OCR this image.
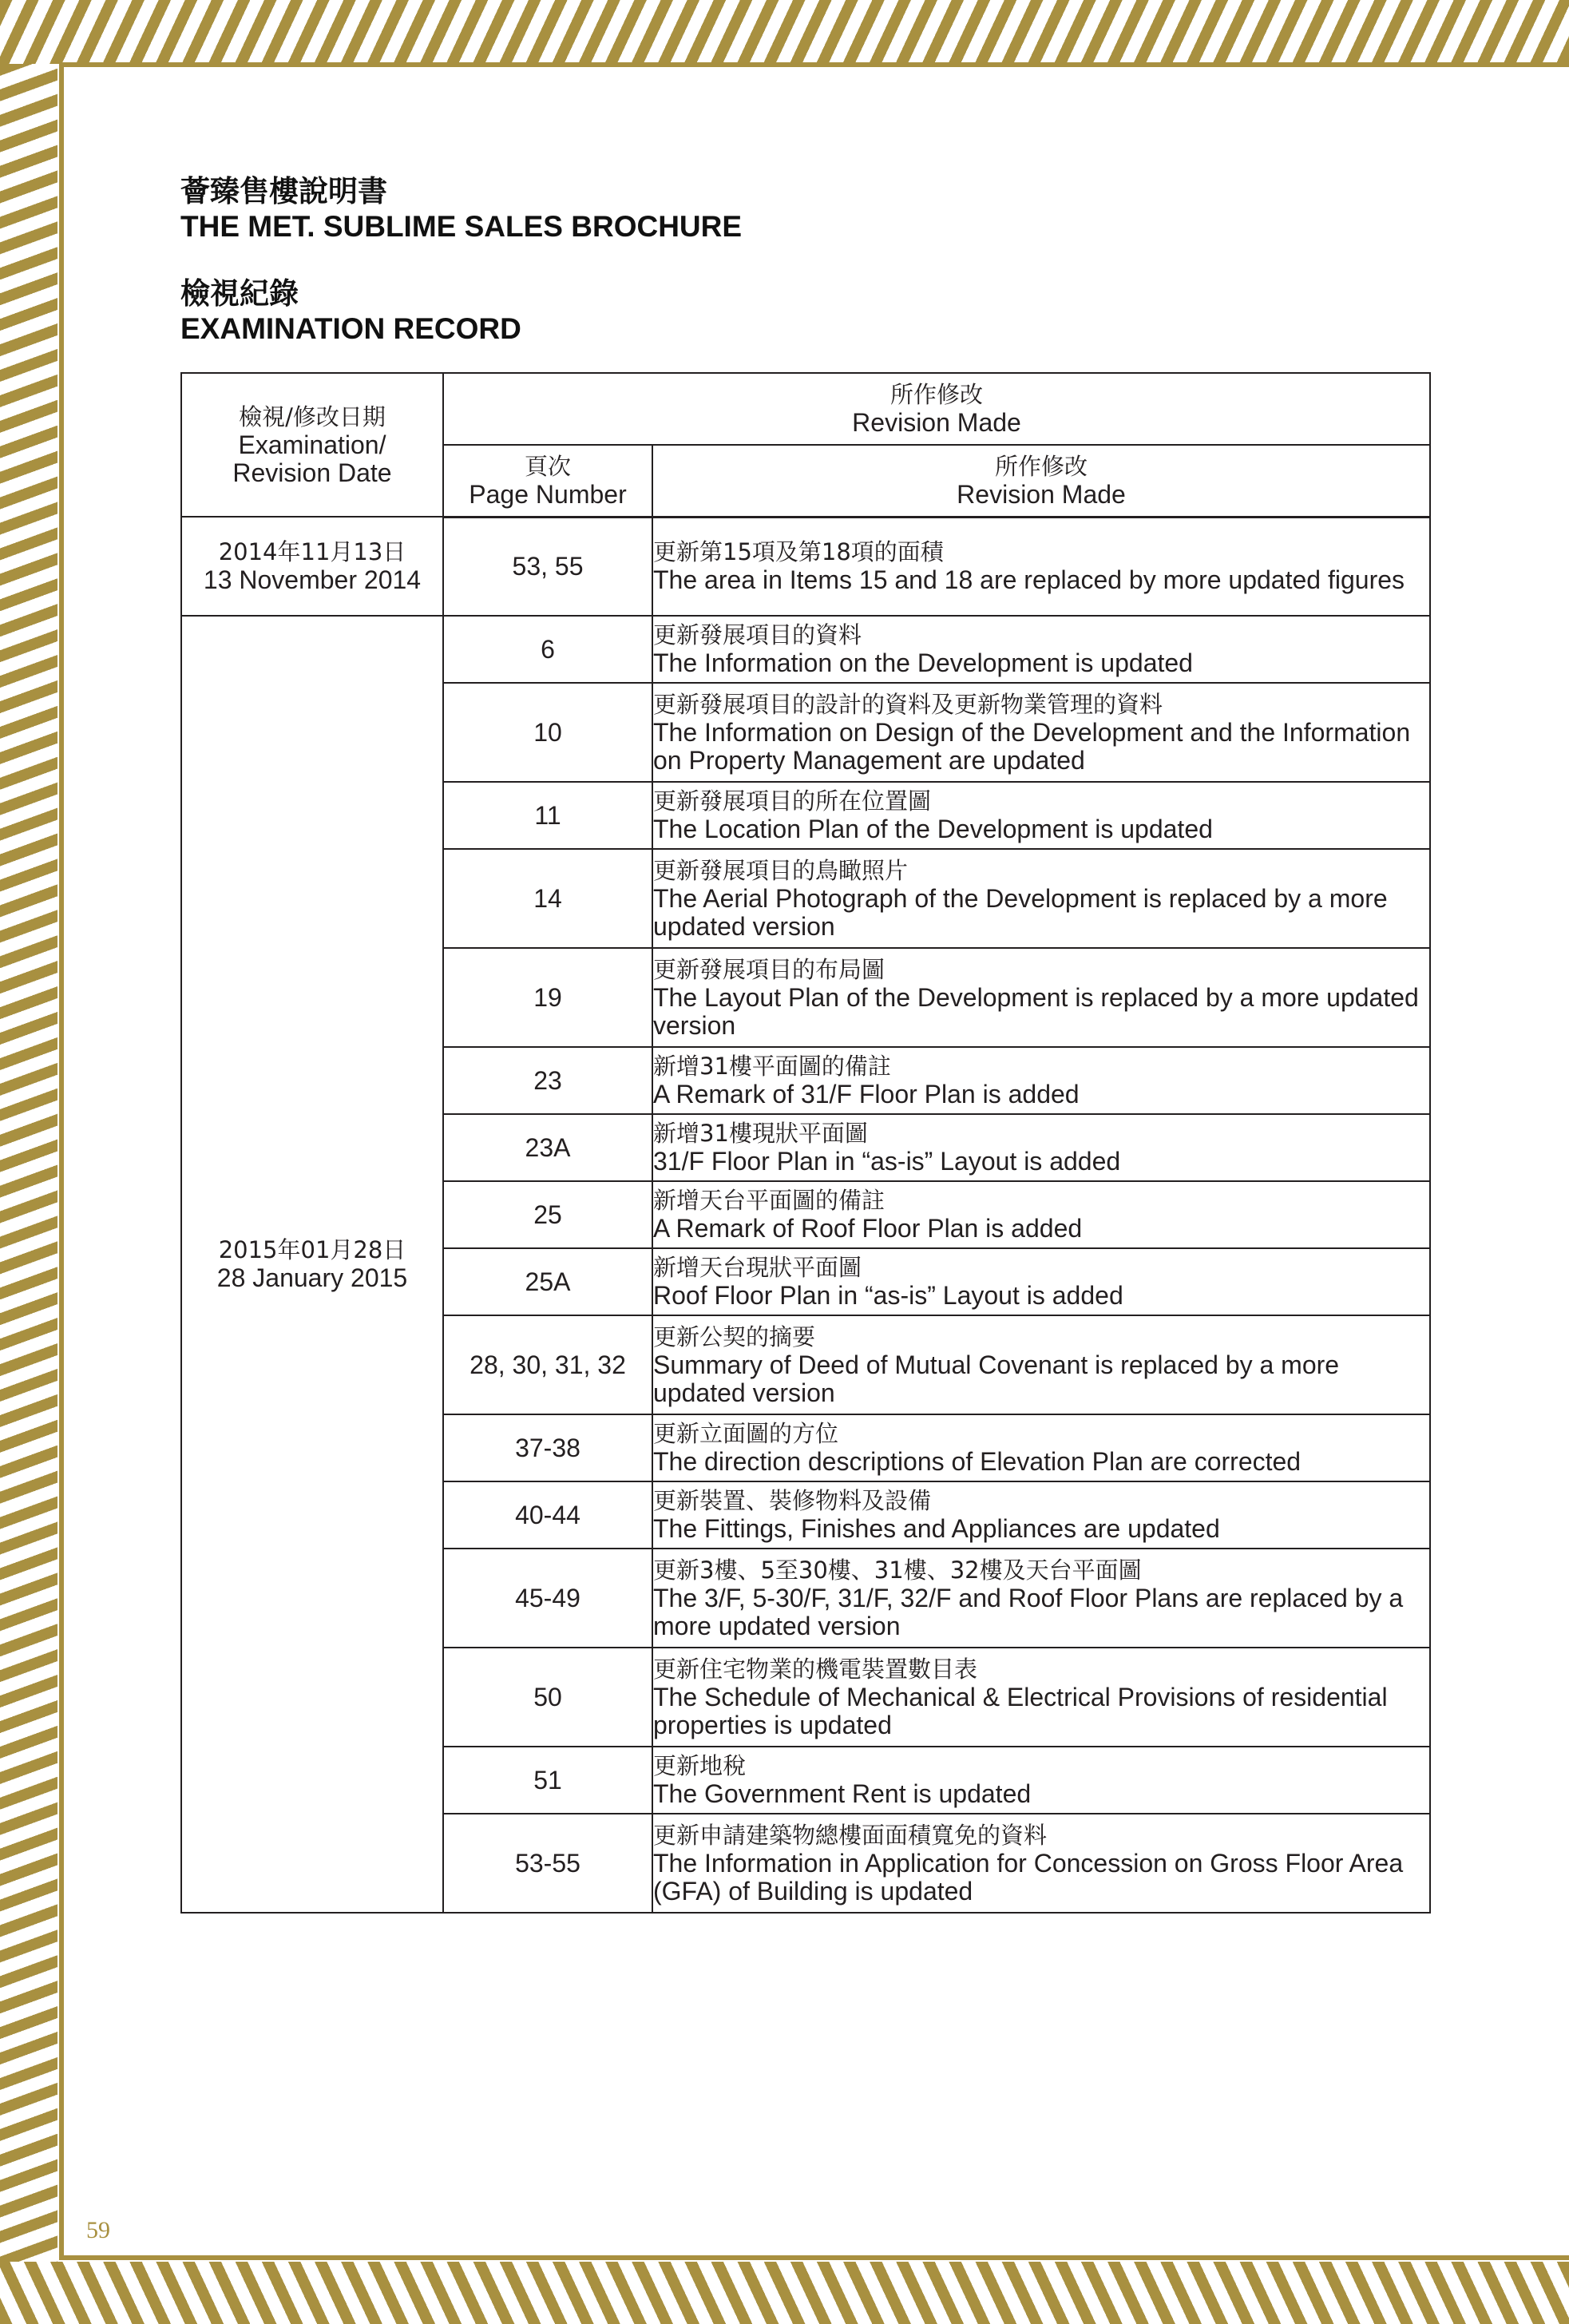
薈臻售樓說明書
THE MET. SUBLIME SALES BROCHURE
檢視紀錄
EXAMINATION RECORD
檢視/修改日期
Examination/
Revision Date	所作修改
Revision Made	

	頁次
Page Number	所作修改
Revision Made

2014年11月13日
13 November 2014	53, 55	更新第15項及第18項的面積
The area in Items 15 and 18 are replaced by more updated figures

2015年01月28日
28 January 2015	6	更新發展項目的資料
The Information on the Development is updated

	10	更新發展項目的設計的資料及更新物業管理的資料
The Information on Design of the Development and the Information on Property Management are updated

	11	更新發展項目的所在位置圖
The Location Plan of the Development is updated

	14	更新發展項目的鳥瞰照片
The Aerial Photograph of the Development is replaced by a more updated version

	19	更新發展項目的布局圖
The Layout Plan of the Development is replaced by a more updated version

	23	新增31樓平面圖的備註
A Remark of 31/F Floor Plan is added

	23A	新增31樓現狀平面圖
31/F Floor Plan in “as-is” Layout is added

	25	新增天台平面圖的備註
A Remark of Roof Floor Plan is added

	25A	新增天台現狀平面圖
Roof Floor Plan in “as-is” Layout is added

	28, 30, 31, 32	更新公契的摘要
Summary of Deed of Mutual Covenant is replaced by a more updated version

	37-38	更新立面圖的方位
The direction descriptions of Elevation Plan are corrected

	40-44	更新裝置、裝修物料及設備
The Fittings, Finishes and Appliances are updated

	45-49	更新3樓、5至30樓、31樓、32樓及天台平面圖
The 3/F, 5-30/F, 31/F, 32/F and Roof Floor Plans are replaced by a more updated version

	50	更新住宅物業的機電裝置數目表
The Schedule of Mechanical & Electrical Provisions of residential properties is updated

	51	更新地稅
The Government Rent is updated

	53-55	更新申請建築物總樓面面積寬免的資料
The Information in Application for Concession on Gross Floor Area (GFA) of Building is updated
59
